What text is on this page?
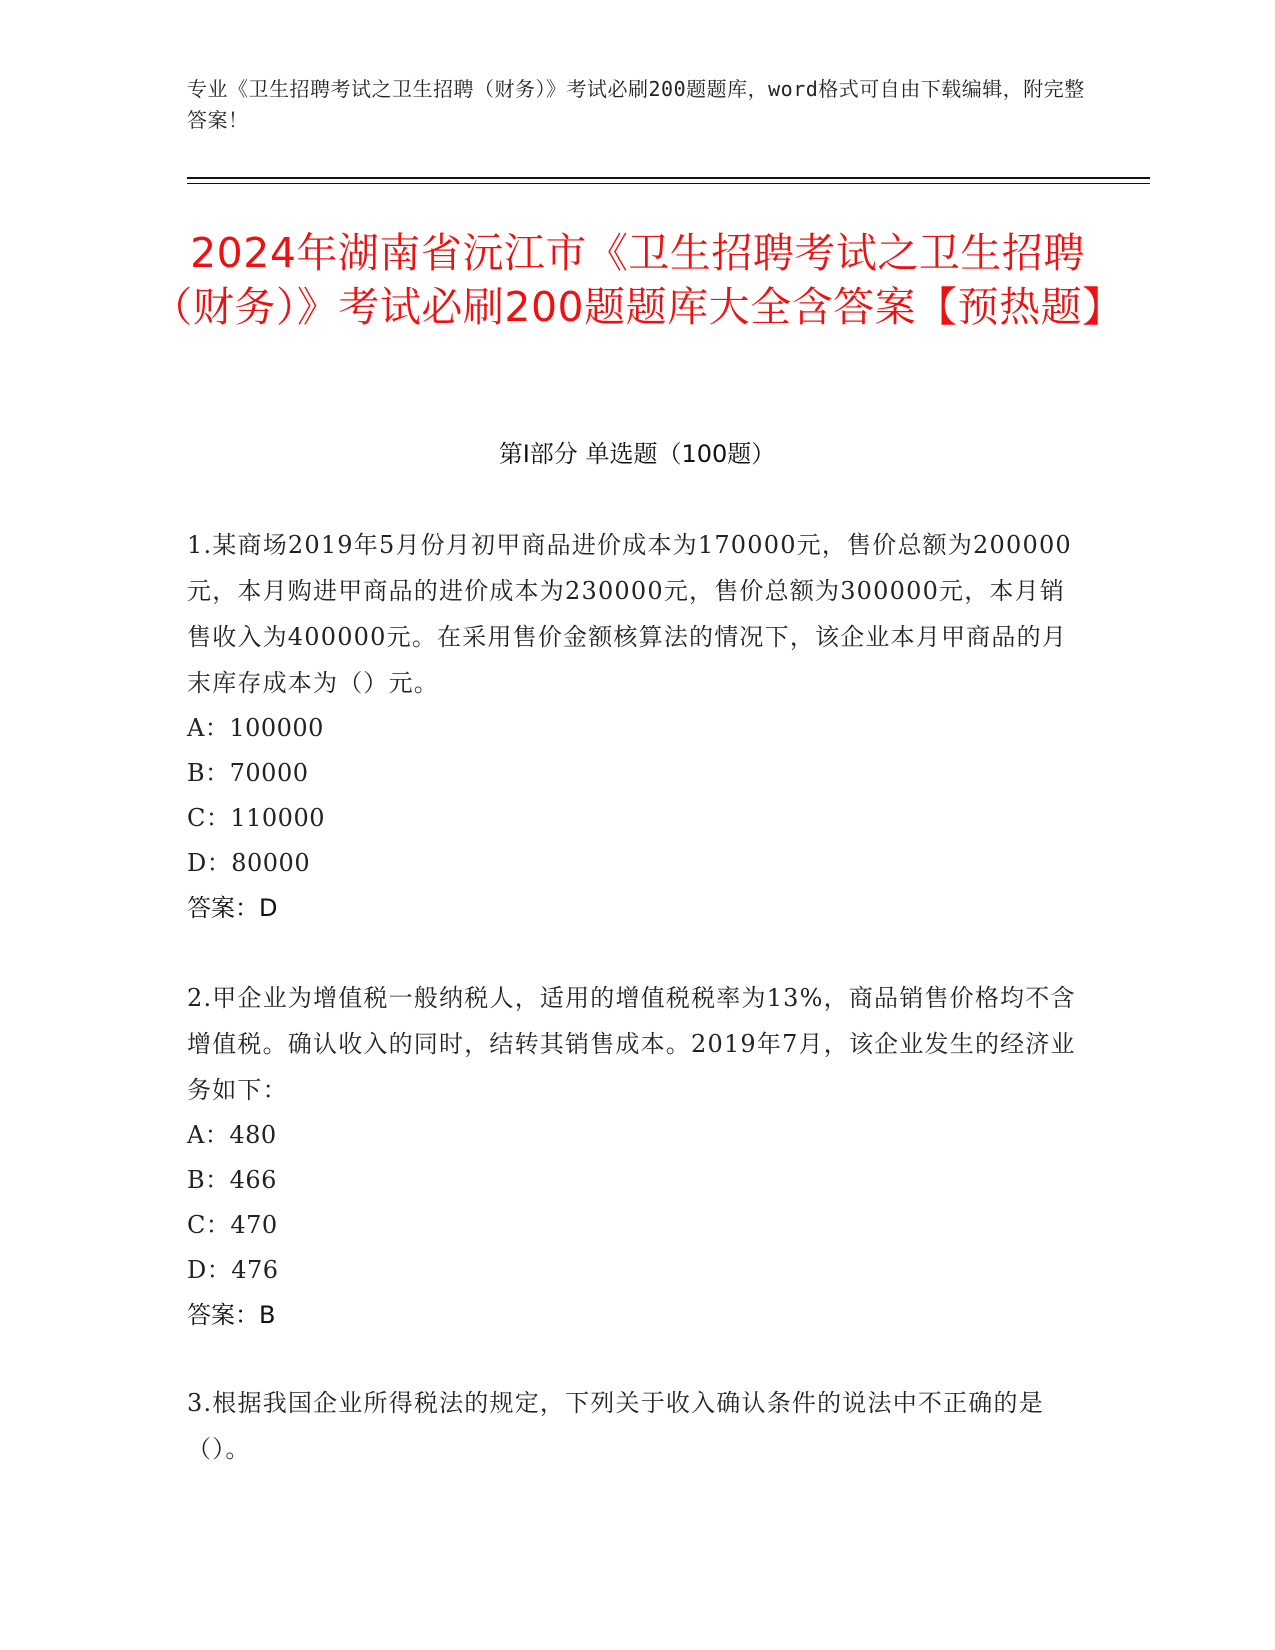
专业《卫生招聘考试之卫生招聘（财务）》考试必刷200题题库，word格式可自由下载编辑，附完整答案！
2024年湖南省沅江市《卫生招聘考试之卫生招聘（财务）》考试必刷200题题库大全含答案【预热题】
第I部分 单选题（100题）

1.某商场2019年5月份月初甲商品进价成本为170000元，售价总额为200000元，本月购进甲商品的进价成本为230000元，售价总额为300000元，本月销售收入为400000元。在采用售价金额核算法的情况下，该企业本月甲商品的月末库存成本为（）元。

A：100000
B：70000
C：110000
D：80000
答案：D

2.甲企业为增值税一般纳税人，适用的增值税税率为13%，商品销售价格均不含增值税。确认收入的同时，结转其销售成本。2019年7月，该企业发生的经济业务如下：

A：480
B：466
C：470
D：476
答案：B

3.根据我国企业所得税法的规定，下列关于收入确认条件的说法中不正确的是（）。
